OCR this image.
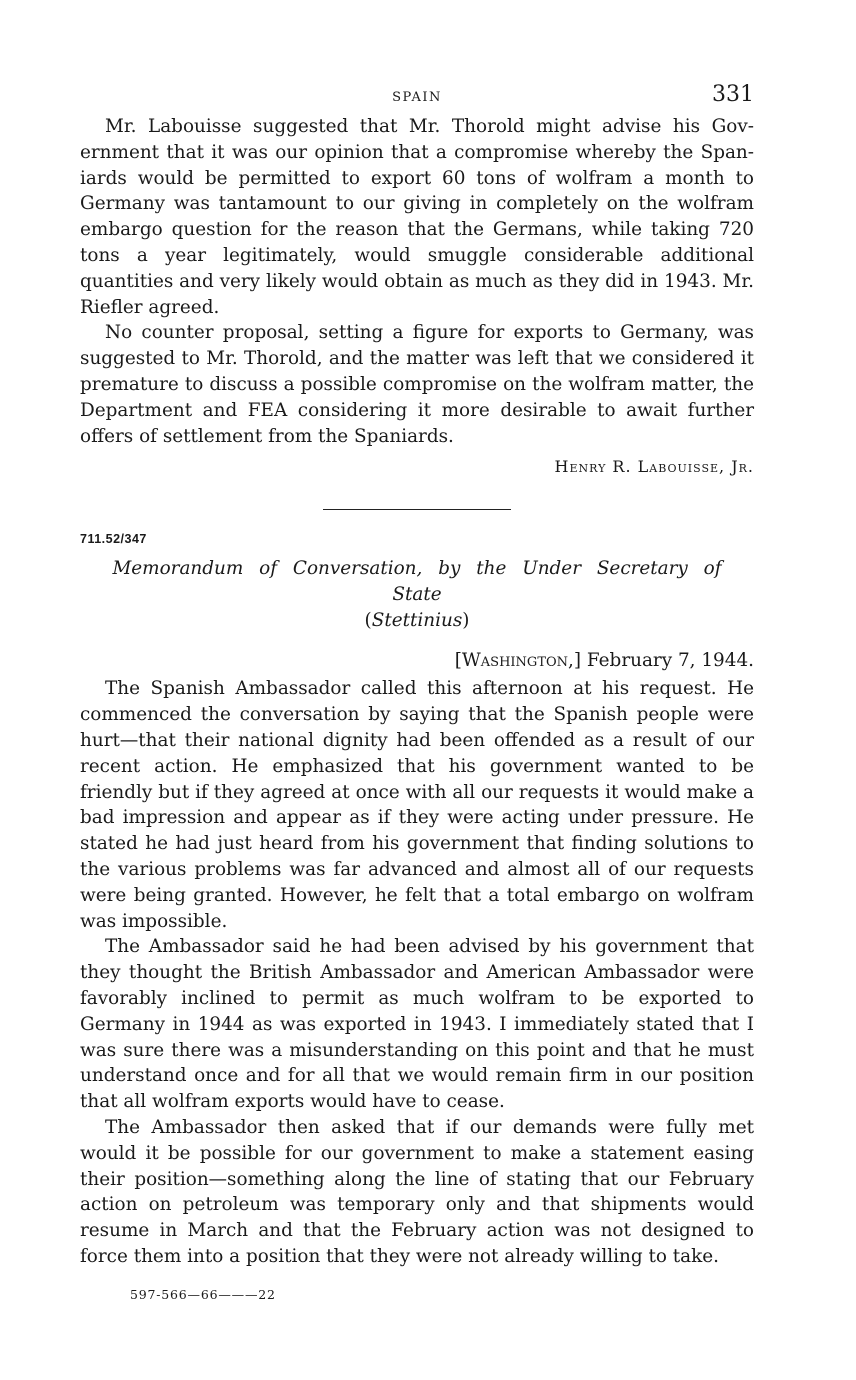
SPAIN	331

Mr. Labouisse suggested that Mr. Thorold might advise his Government that it was our opinion that a compromise whereby the Spaniards would be permitted to export 60 tons of wolfram a month to Germany was tantamount to our giving in completely on the wolfram embargo question for the reason that the Germans, while taking 720 tons a year legitimately, would smuggle considerable additional quantities and very likely would obtain as much as they did in 1943. Mr. Riefler agreed.

No counter proposal, setting a figure for exports to Germany, was suggested to Mr. Thorold, and the matter was left that we considered it premature to discuss a possible compromise on the wolfram matter, the Department and FEA considering it more desirable to await further offers of settlement from the Spaniards.

Henry R. Labouisse, Jr.
711.52/347
Memorandum of Conversation, by the Under Secretary of State
(Stettinius)
[Washington,] February 7, 1944.

The Spanish Ambassador called this afternoon at his request. He commenced the conversation by saying that the Spanish people were hurt—that their national dignity had been offended as a result of our recent action. He emphasized that his government wanted to be friendly but if they agreed at once with all our requests it would make a bad impression and appear as if they were acting under pressure. He stated he had just heard from his government that finding solutions to the various problems was far advanced and almost all of our requests were being granted. However, he felt that a total embargo on wolfram was impossible.

The Ambassador said he had been advised by his government that they thought the British Ambassador and American Ambassador were favorably inclined to permit as much wolfram to be exported to Germany in 1944 as was exported in 1943. I immediately stated that I was sure there was a misunderstanding on this point and that he must understand once and for all that we would remain firm in our position that all wolfram exports would have to cease.

The Ambassador then asked that if our demands were fully met would it be possible for our government to make a statement easing their position—something along the line of stating that our February action on petroleum was temporary only and that shipments would resume in March and that the February action was not designed to force them into a position that they were not already willing to take.

597-566—66———22
